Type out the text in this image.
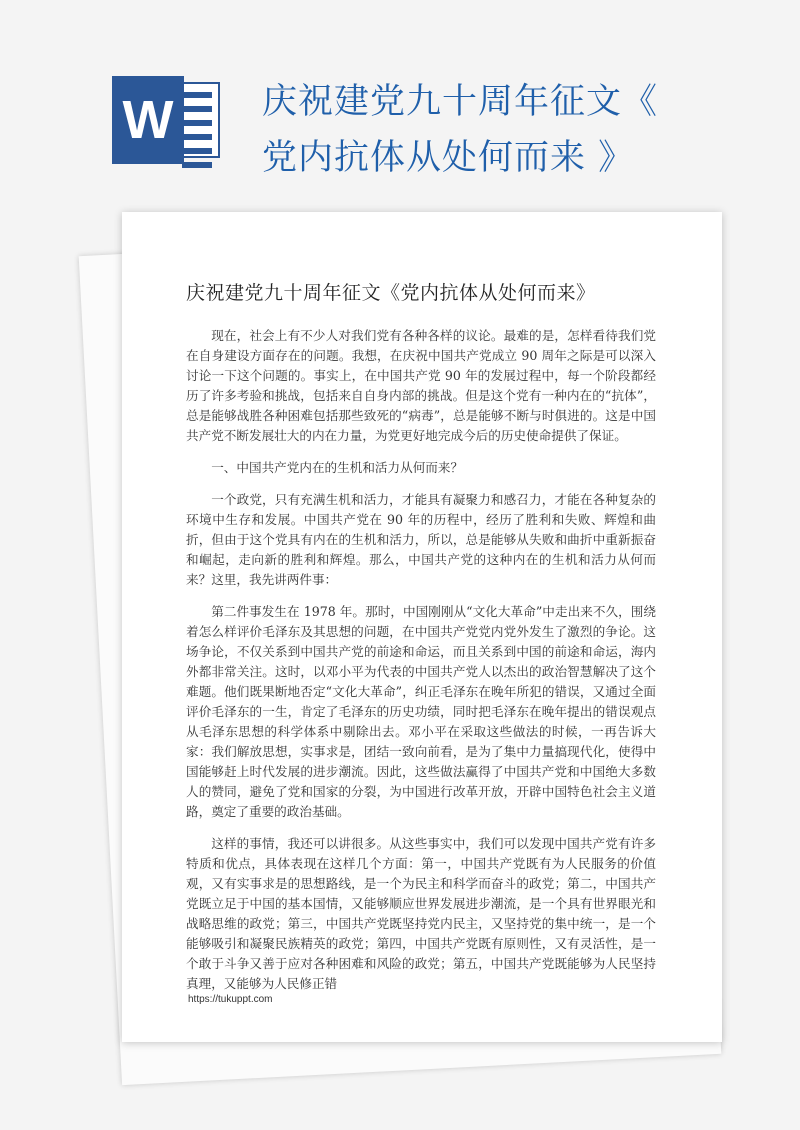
W	庆祝建党九十周年征文《 党内抗体从处何而来 》
庆祝建党九十周年征文《党内抗体从处何而来》

现在，社会上有不少人对我们党有各种各样的议论。最难的是，怎样看待我们党在自身建设方面存在的问题。我想，在庆祝中国共产党成立 90 周年之际是可以深入讨论一下这个问题的。事实上，在中国共产党 90 年的发展过程中，每一个阶段都经历了许多考验和挑战，包括来自自身内部的挑战。但是这个党有一种内在的“抗体”，总是能够战胜各种困难包括那些致死的“病毒”，总是能够不断与时俱进的。这是中国共产党不断发展壮大的内在力量，为党更好地完成今后的历史使命提供了保证。

一、中国共产党内在的生机和活力从何而来？

一个政党，只有充满生机和活力，才能具有凝聚力和感召力，才能在各种复杂的环境中生存和发展。中国共产党在 90 年的历程中，经历了胜利和失败、辉煌和曲折，但由于这个党具有内在的生机和活力，所以，总是能够从失败和曲折中重新振奋和崛起，走向新的胜利和辉煌。那么，中国共产党的这种内在的生机和活力从何而来？这里，我先讲两件事：

第二件事发生在 1978 年。那时，中国刚刚从“文化大革命”中走出来不久，围绕着怎么样评价毛泽东及其思想的问题，在中国共产党党内党外发生了激烈的争论。这场争论，不仅关系到中国共产党的前途和命运，而且关系到中国的前途和命运，海内外都非常关注。这时，以邓小平为代表的中国共产党人以杰出的政治智慧解决了这个难题。他们既果断地否定“文化大革命”，纠正毛泽东在晚年所犯的错误，又通过全面评价毛泽东的一生，肯定了毛泽东的历史功绩，同时把毛泽东在晚年提出的错误观点从毛泽东思想的科学体系中剔除出去。邓小平在采取这些做法的时候，一再告诉大家：我们解放思想，实事求是，团结一致向前看，是为了集中力量搞现代化，使得中国能够赶上时代发展的进步潮流。因此，这些做法赢得了中国共产党和中国绝大多数人的赞同，避免了党和国家的分裂，为中国进行改革开放，开辟中国特色社会主义道路，奠定了重要的政治基础。

这样的事情，我还可以讲很多。从这些事实中，我们可以发现中国共产党有许多特质和优点，具体表现在这样几个方面：第一，中国共产党既有为人民服务的价值观，又有实事求是的思想路线，是一个为民主和科学而奋斗的政党；第二，中国共产党既立足于中国的基本国情，又能够顺应世界发展进步潮流，是一个具有世界眼光和战略思维的政党；第三，中国共产党既坚持党内民主，又坚持党的集中统一，是一个能够吸引和凝聚民族精英的政党；第四，中国共产党既有原则性，又有灵活性，是一个敢于斗争又善于应对各种困难和风险的政党；第五，中国共产党既能够为人民坚持真理，又能够为人民修正错

https://tukuppt.com
